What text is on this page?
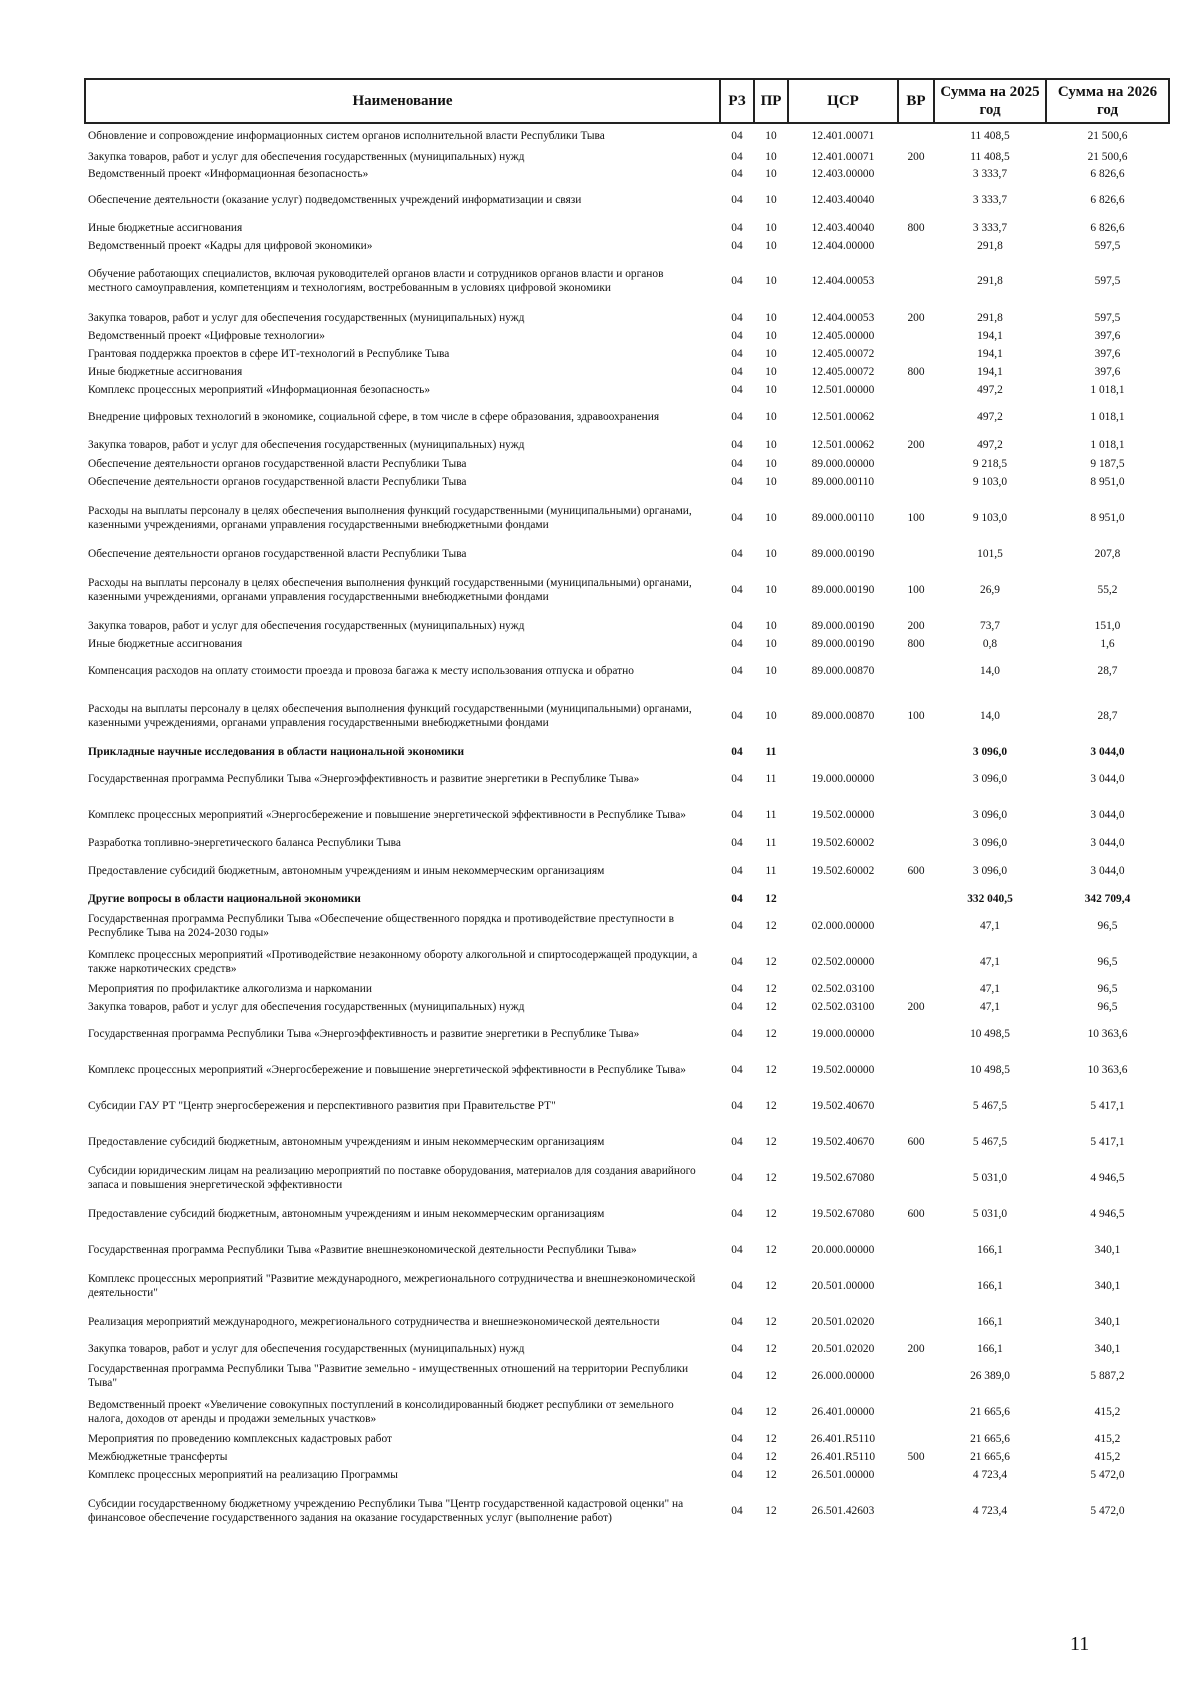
Наименование	РЗ	ПР	ЦСР	ВР	Сумма на 2025 год	Сумма на 2026 год
Обновление и сопровождение информационных систем органов исполнительной власти Республики Тыва	04	10	12.401.00071		11 408,5	21 500,6
Закупка товаров, работ и услуг для обеспечения государственных (муниципальных) нужд	04	10	12.401.00071	200	11 408,5	21 500,6
Ведомственный проект «Информационная безопасность»	04	10	12.403.00000		3 333,7	6 826,6
Обеспечение деятельности (оказание услуг) подведомственных учреждений информатизации и связи	04	10	12.403.40040		3 333,7	6 826,6
Иные бюджетные ассигнования	04	10	12.403.40040	800	3 333,7	6 826,6
Ведомственный проект «Кадры для цифровой экономики»	04	10	12.404.00000		291,8	597,5
Обучение работающих специалистов, включая руководителей органов власти и сотрудников органов власти и органов местного самоуправления, компетенциям и технологиям, востребованным в условиях цифровой экономики	04	10	12.404.00053		291,8	597,5
Закупка товаров, работ и услуг для обеспечения государственных (муниципальных) нужд	04	10	12.404.00053	200	291,8	597,5
Ведомственный проект «Цифровые технологии»	04	10	12.405.00000		194,1	397,6
Грантовая поддержка проектов в сфере ИТ-технологий в Республике Тыва	04	10	12.405.00072		194,1	397,6
Иные бюджетные ассигнования	04	10	12.405.00072	800	194,1	397,6
Комплекс процессных мероприятий «Информационная безопасность»	04	10	12.501.00000		497,2	1 018,1
Внедрение цифровых технологий в экономике, социальной сфере, в том числе в сфере образования, здравоохранения	04	10	12.501.00062		497,2	1 018,1
Закупка товаров, работ и услуг для обеспечения государственных (муниципальных) нужд	04	10	12.501.00062	200	497,2	1 018,1
Обеспечение деятельности органов государственной власти Республики Тыва	04	10	89.000.00000		9 218,5	9 187,5
Обеспечение деятельности органов государственной власти Республики Тыва	04	10	89.000.00110		9 103,0	8 951,0
Расходы на выплаты персоналу в целях обеспечения выполнения функций государственными (муниципальными) органами, казенными учреждениями, органами управления государственными внебюджетными фондами	04	10	89.000.00110	100	9 103,0	8 951,0
Обеспечение деятельности органов государственной власти Республики Тыва	04	10	89.000.00190		101,5	207,8
Расходы на выплаты персоналу в целях обеспечения выполнения функций государственными (муниципальными) органами, казенными учреждениями, органами управления государственными внебюджетными фондами	04	10	89.000.00190	100	26,9	55,2
Закупка товаров, работ и услуг для обеспечения государственных (муниципальных) нужд	04	10	89.000.00190	200	73,7	151,0
Иные бюджетные ассигнования	04	10	89.000.00190	800	0,8	1,6
Компенсация расходов на оплату стоимости проезда и провоза багажа к месту использования отпуска и обратно	04	10	89.000.00870		14,0	28,7
Расходы на выплаты персоналу в целях обеспечения выполнения функций государственными (муниципальными) органами, казенными учреждениями, органами управления государственными внебюджетными фондами	04	10	89.000.00870	100	14,0	28,7
Прикладные научные исследования в области национальной экономики	04	11			3 096,0	3 044,0
Государственная программа Республики Тыва «Энергоэффективность и развитие энергетики в Республике Тыва»	04	11	19.000.00000		3 096,0	3 044,0
Комплекс процессных мероприятий «Энергосбережение и повышение энергетической эффективности в Республике Тыва»	04	11	19.502.00000		3 096,0	3 044,0
Разработка топливно-энергетического баланса Республики Тыва	04	11	19.502.60002		3 096,0	3 044,0
Предоставление субсидий бюджетным, автономным учреждениям и иным некоммерческим организациям	04	11	19.502.60002	600	3 096,0	3 044,0
Другие вопросы в области национальной экономики	04	12			332 040,5	342 709,4
Государственная программа Республики Тыва «Обеспечение общественного порядка и противодействие преступности в Республике Тыва на 2024-2030 годы»	04	12	02.000.00000		47,1	96,5
Комплекс процессных мероприятий «Противодействие незаконному обороту алкогольной и спиртосодержащей продукции, а также наркотических средств»	04	12	02.502.00000		47,1	96,5
Мероприятия по профилактике алкоголизма и наркомании	04	12	02.502.03100		47,1	96,5
Закупка товаров, работ и услуг для обеспечения государственных (муниципальных) нужд	04	12	02.502.03100	200	47,1	96,5
Государственная программа Республики Тыва «Энергоэффективность и развитие энергетики в Республике Тыва»	04	12	19.000.00000		10 498,5	10 363,6
Комплекс процессных мероприятий «Энергосбережение и повышение энергетической эффективности в Республике Тыва»	04	12	19.502.00000		10 498,5	10 363,6
Субсидии ГАУ РТ "Центр энергосбережения и перспективного развития при Правительстве РТ"	04	12	19.502.40670		5 467,5	5 417,1
Предоставление субсидий бюджетным, автономным учреждениям и иным некоммерческим организациям	04	12	19.502.40670	600	5 467,5	5 417,1
Субсидии юридическим лицам на реализацию мероприятий по поставке оборудования, материалов для создания аварийного запаса и повышения энергетической эффективности	04	12	19.502.67080		5 031,0	4 946,5
Предоставление субсидий бюджетным, автономным учреждениям и иным некоммерческим организациям	04	12	19.502.67080	600	5 031,0	4 946,5
Государственная программа Республики Тыва «Развитие внешнеэкономической деятельности Республики Тыва»	04	12	20.000.00000		166,1	340,1
Комплекс процессных мероприятий "Развитие международного, межрегионального сотрудничества и внешнеэкономической деятельности"	04	12	20.501.00000		166,1	340,1
Реализация мероприятий международного, межрегионального сотрудничества и внешнеэкономической деятельности	04	12	20.501.02020		166,1	340,1
Закупка товаров, работ и услуг для обеспечения государственных (муниципальных) нужд	04	12	20.501.02020	200	166,1	340,1
Государственная программа Республики Тыва "Развитие земельно - имущественных отношений на территории Республики Тыва"	04	12	26.000.00000		26 389,0	5 887,2
Ведомственный проект «Увеличение совокупных поступлений в консолидированный бюджет республики от земельного налога, доходов от аренды и продажи земельных участков»	04	12	26.401.00000		21 665,6	415,2
Мероприятия по проведению комплексных кадастровых работ	04	12	26.401.R5110		21 665,6	415,2
Межбюджетные трансферты	04	12	26.401.R5110	500	21 665,6	415,2
Комплекс процессных мероприятий на реализацию Программы	04	12	26.501.00000		4 723,4	5 472,0
Субсидии государственному бюджетному учреждению Республики Тыва "Центр государственной кадастровой оценки" на финансовое обеспечение государственного задания на оказание государственных услуг (выполнение работ)	04	12	26.501.42603		4 723,4	5 472,0
11
